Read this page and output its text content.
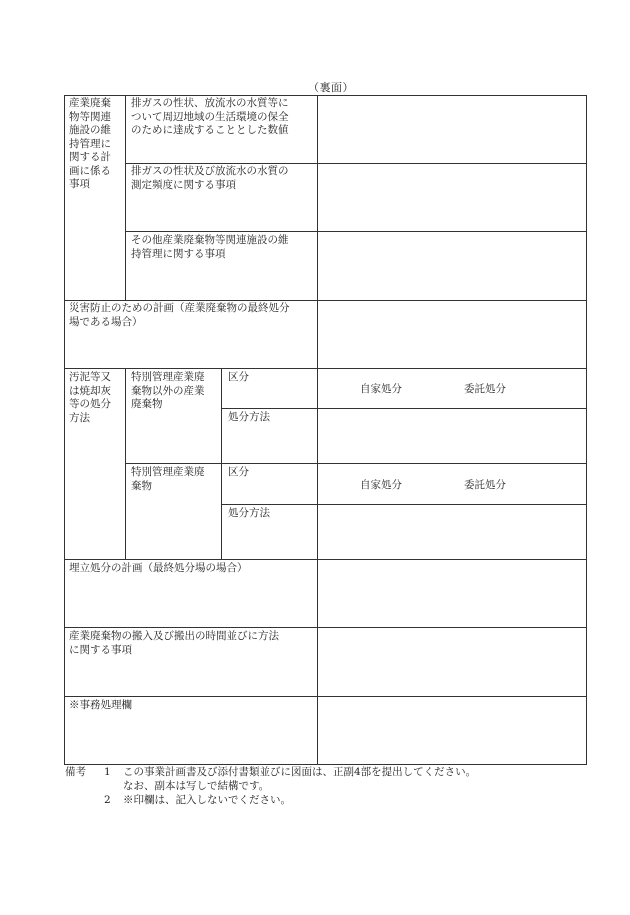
（裏面）
産業廃棄
物等関連
施設の維
持管理に
関する計
画に係る
事項
排ガスの性状、放流水の水質等に
ついて周辺地域の生活環境の保全
のために達成することとした数値
排ガスの性状及び放流水の水質の
測定頻度に関する事項
その他産業廃棄物等関連施設の維
持管理に関する事項
災害防止のための計画（産業廃棄物の最終処分
場である場合）
汚泥等又
は焼却灰
等の処分
方法
特別管理産業廃
棄物以外の産業
廃棄物
区分
自家処分	委託処分
処分方法
特別管理産業廃
棄物
区分
自家処分	委託処分
処分方法
埋立処分の計画（最終処分場の場合）
産業廃棄物の搬入及び搬出の時間並びに方法
に関する事項
※事務処理欄
備考 1 この事業計画書及び添付書類並びに図面は、正副4部を提出してください。
なお、副本は写しで結構です。
2 ※印欄は、記入しないでください。
